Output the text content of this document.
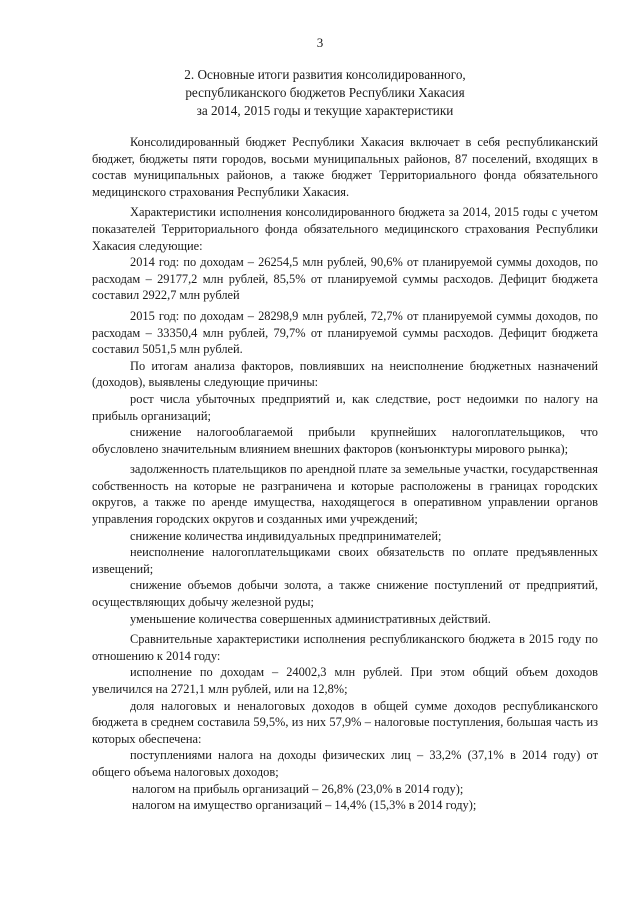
3
2. Основные итоги развития консолидированного,
республиканского бюджетов Республики Хакасия
за 2014, 2015 годы и текущие характеристики

Консолидированный бюджет Республики Хакасия включает в себя республиканский бюджет, бюджеты пяти городов, восьми муниципальных районов, 87 поселений, входящих в состав муниципальных районов, а также бюджет Территориального фонда обязательного медицинского страхования Республики Хакасия.

Характеристики исполнения консолидированного бюджета за 2014, 2015 годы с учетом показателей Территориального фонда обязательного медицинского страхования Республики Хакасия следующие:

2014 год: по доходам – 26254,5 млн рублей, 90,6% от планируемой суммы доходов, по расходам – 29177,2 млн рублей, 85,5% от планируемой суммы расходов. Дефицит бюджета составил 2922,7 млн рублей

2015 год: по доходам – 28298,9 млн рублей, 72,7% от планируемой суммы доходов, по расходам – 33350,4 млн рублей, 79,7% от планируемой суммы расходов. Дефицит бюджета составил 5051,5 млн рублей.

По итогам анализа факторов, повлиявших на неисполнение бюджетных назначений (доходов), выявлены следующие причины:

рост числа убыточных предприятий и, как следствие, рост недоимки по налогу на прибыль организаций;

снижение налогооблагаемой прибыли крупнейших налогоплательщиков, что обусловлено значительным влиянием внешних факторов (конъюнктуры мирового рынка);

задолженность плательщиков по арендной плате за земельные участки, государственная собственность на которые не разграничена и которые расположены в границах городских округов, а также по аренде имущества, находящегося в оперативном управлении органов управления городских округов и созданных ими учреждений;

снижение количества индивидуальных предпринимателей;

неисполнение налогоплательщиками своих обязательств по оплате предъявленных извещений;

снижение объемов добычи золота, а также снижение поступлений от предприятий, осуществляющих добычу железной руды;

уменьшение количества совершенных административных действий.

Сравнительные характеристики исполнения республиканского бюджета в 2015 году по отношению к 2014 году:

исполнение по доходам – 24002,3 млн рублей. При этом общий объем доходов увеличился на 2721,1 млн рублей, или на 12,8%;

доля налоговых и неналоговых доходов в общей сумме доходов республиканского бюджета в среднем составила 59,5%, из них 57,9% – налоговые поступления, большая часть из которых обеспечена:

поступлениями налога на доходы физических лиц – 33,2% (37,1% в 2014 году) от общего объема налоговых доходов;

налогом на прибыль организаций – 26,8% (23,0% в 2014 году);

налогом на имущество организаций – 14,4% (15,3% в 2014 году);
